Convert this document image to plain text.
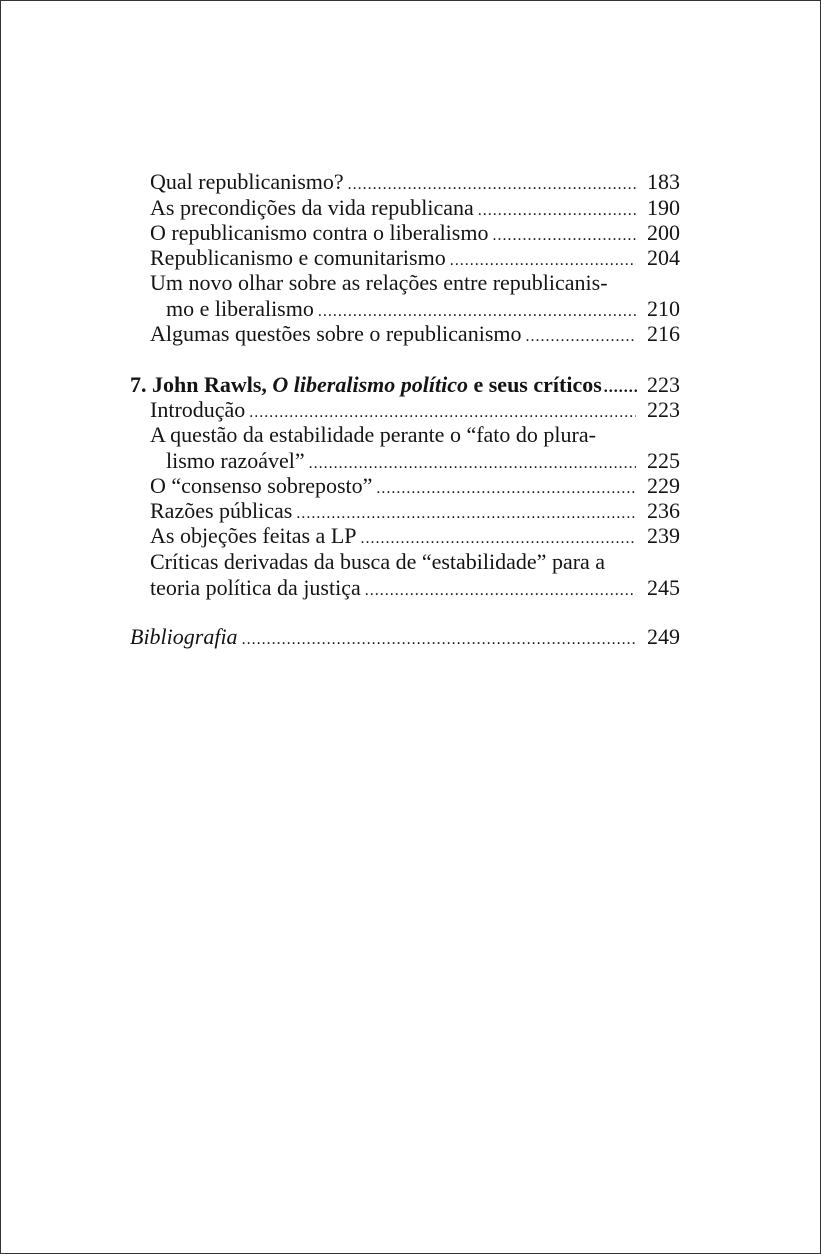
Qual republicanismo? .....	183
As precondições da vida republicana .....	190
O republicanismo contra o liberalismo .....	200
Republicanismo e comunitarismo .....	204
Um novo olhar sobre as relações entre republicanis-
mo e liberalismo .....	210
Algumas questões sobre o republicanismo .....	216
7. John Rawls, O liberalismo político e seus críticos ..... 223
Introdução .....	223
A questão da estabilidade perante o “fato do plura-
lismo razoável” .....	225
O “consenso sobreposto” .....	229
Razões públicas .....	236
As objeções feitas a LP .....	239
Críticas derivadas da busca de “estabilidade” para a
teoria política da justiça .....	245
Bibliografia .....	249
